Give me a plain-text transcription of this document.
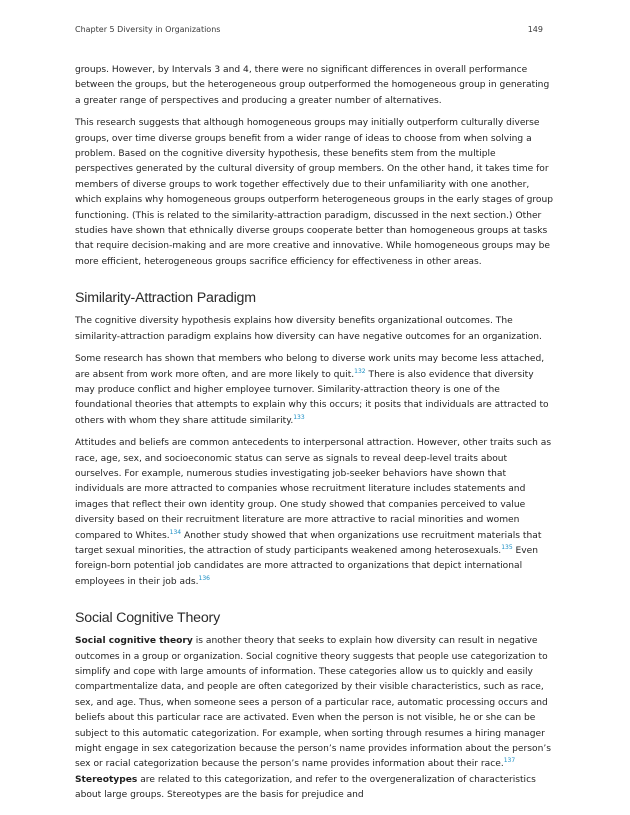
Chapter 5 Diversity in Organizations	149

groups. However, by Intervals 3 and 4, there were no significant differences in overall performance between the groups, but the heterogeneous group outperformed the homogeneous group in generating a greater range of perspectives and producing a greater number of alternatives.

This research suggests that although homogeneous groups may initially outperform culturally diverse groups, over time diverse groups benefit from a wider range of ideas to choose from when solving a problem. Based on the cognitive diversity hypothesis, these benefits stem from the multiple perspectives generated by the cultural diversity of group members. On the other hand, it takes time for members of diverse groups to work together effectively due to their unfamiliarity with one another, which explains why homogeneous groups outperform heterogeneous groups in the early stages of group functioning. (This is related to the similarity-attraction paradigm, discussed in the next section.) Other studies have shown that ethnically diverse groups cooperate better than homogeneous groups at tasks that require decision-making and are more creative and innovative. While homogeneous groups may be more efficient, heterogeneous groups sacrifice efficiency for effectiveness in other areas.

Similarity-Attraction Paradigm

The cognitive diversity hypothesis explains how diversity benefits organizational outcomes. The similarity-attraction paradigm explains how diversity can have negative outcomes for an organization.

Some research has shown that members who belong to diverse work units may become less attached, are absent from work more often, and are more likely to quit.$^{132}$ There is also evidence that diversity may produce conflict and higher employee turnover. Similarity-attraction theory is one of the foundational theories that attempts to explain why this occurs; it posits that individuals are attracted to others with whom they share attitude similarity.$^{133}$

Attitudes and beliefs are common antecedents to interpersonal attraction. However, other traits such as race, age, sex, and socioeconomic status can serve as signals to reveal deep-level traits about ourselves. For example, numerous studies investigating job-seeker behaviors have shown that individuals are more attracted to companies whose recruitment literature includes statements and images that reflect their own identity group. One study showed that companies perceived to value diversity based on their recruitment literature are more attractive to racial minorities and women compared to Whites.$^{134}$ Another study showed that when organizations use recruitment materials that target sexual minorities, the attraction of study participants weakened among heterosexuals.$^{135}$ Even foreign-born potential job candidates are more attracted to organizations that depict international employees in their job ads.$^{136}$

Social Cognitive Theory

Social cognitive theory is another theory that seeks to explain how diversity can result in negative outcomes in a group or organization. Social cognitive theory suggests that people use categorization to simplify and cope with large amounts of information. These categories allow us to quickly and easily compartmentalize data, and people are often categorized by their visible characteristics, such as race, sex, and age. Thus, when someone sees a person of a particular race, automatic processing occurs and beliefs about this particular race are activated. Even when the person is not visible, he or she can be subject to this automatic categorization. For example, when sorting through resumes a hiring manager might engage in sex categorization because the person’s name provides information about the person’s sex or racial categorization because the person’s name provides information about their race.$^{137}$ Stereotypes are related to this categorization, and refer to the overgeneralization of characteristics about large groups. Stereotypes are the basis for prejudice and
